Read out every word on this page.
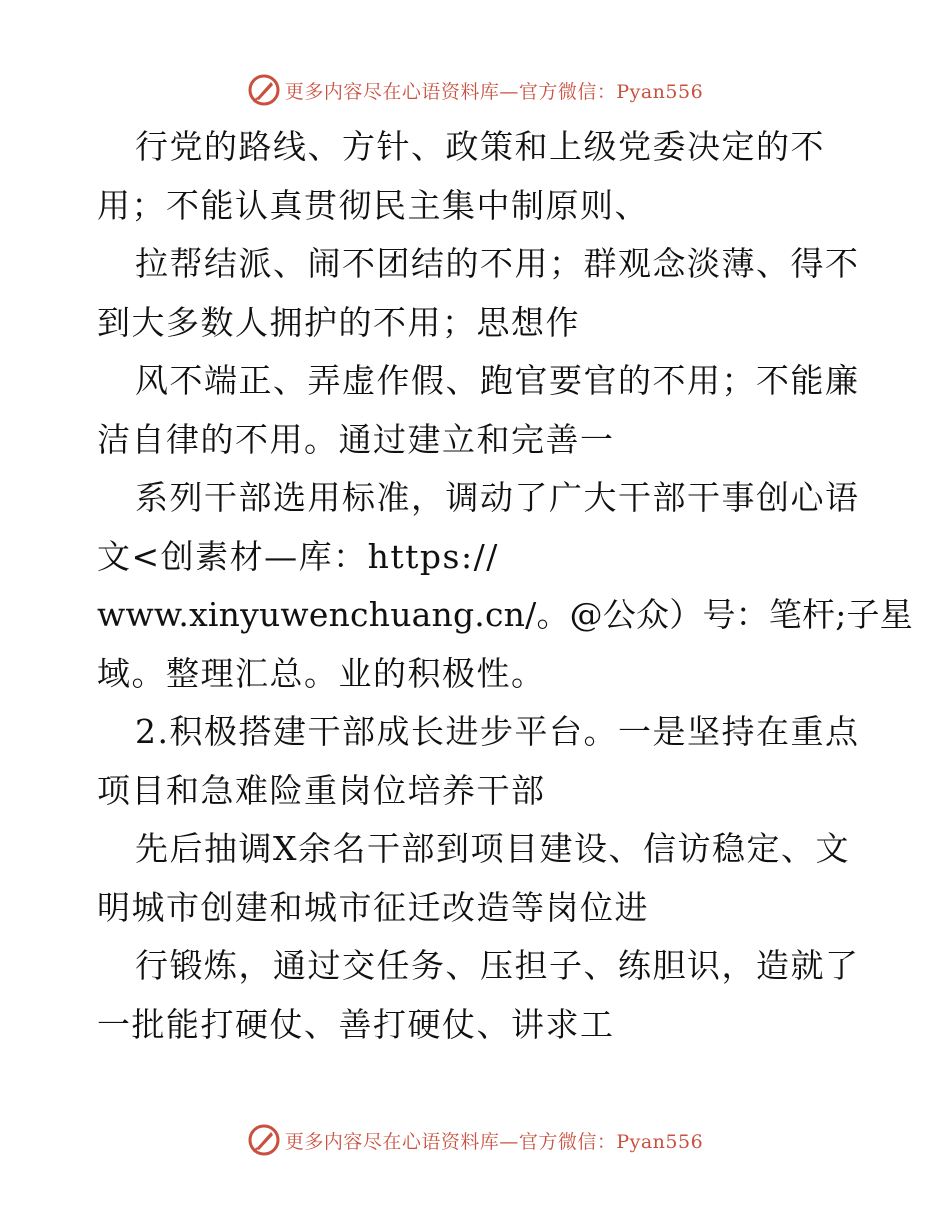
更多内容尽在心语资料库—官方微信：Pyan556
行党的路线、方针、政策和上级党委决定的不
用；不能认真贯彻民主集中制原则、
拉帮结派、闹不团结的不用；群观念淡薄、得不
到大多数人拥护的不用；思想作
风不端正、弄虚作假、跑官要官的不用；不能廉
洁自律的不用。通过建立和完善一
系列干部选用标准，调动了广大干部干事创心语
文<创素材—库：https://
www.xinyuwenchuang.cn/。@公众）号：笔杆;子星
域。整理汇总。业的积极性。
2.积极搭建干部成长进步平台。一是坚持在重点
项目和急难险重岗位培养干部
先后抽调X余名干部到项目建设、信访稳定、文
明城市创建和城市征迁改造等岗位进
行锻炼，通过交任务、压担子、练胆识，造就了
一批能打硬仗、善打硬仗、讲求工
更多内容尽在心语资料库—官方微信：Pyan556
